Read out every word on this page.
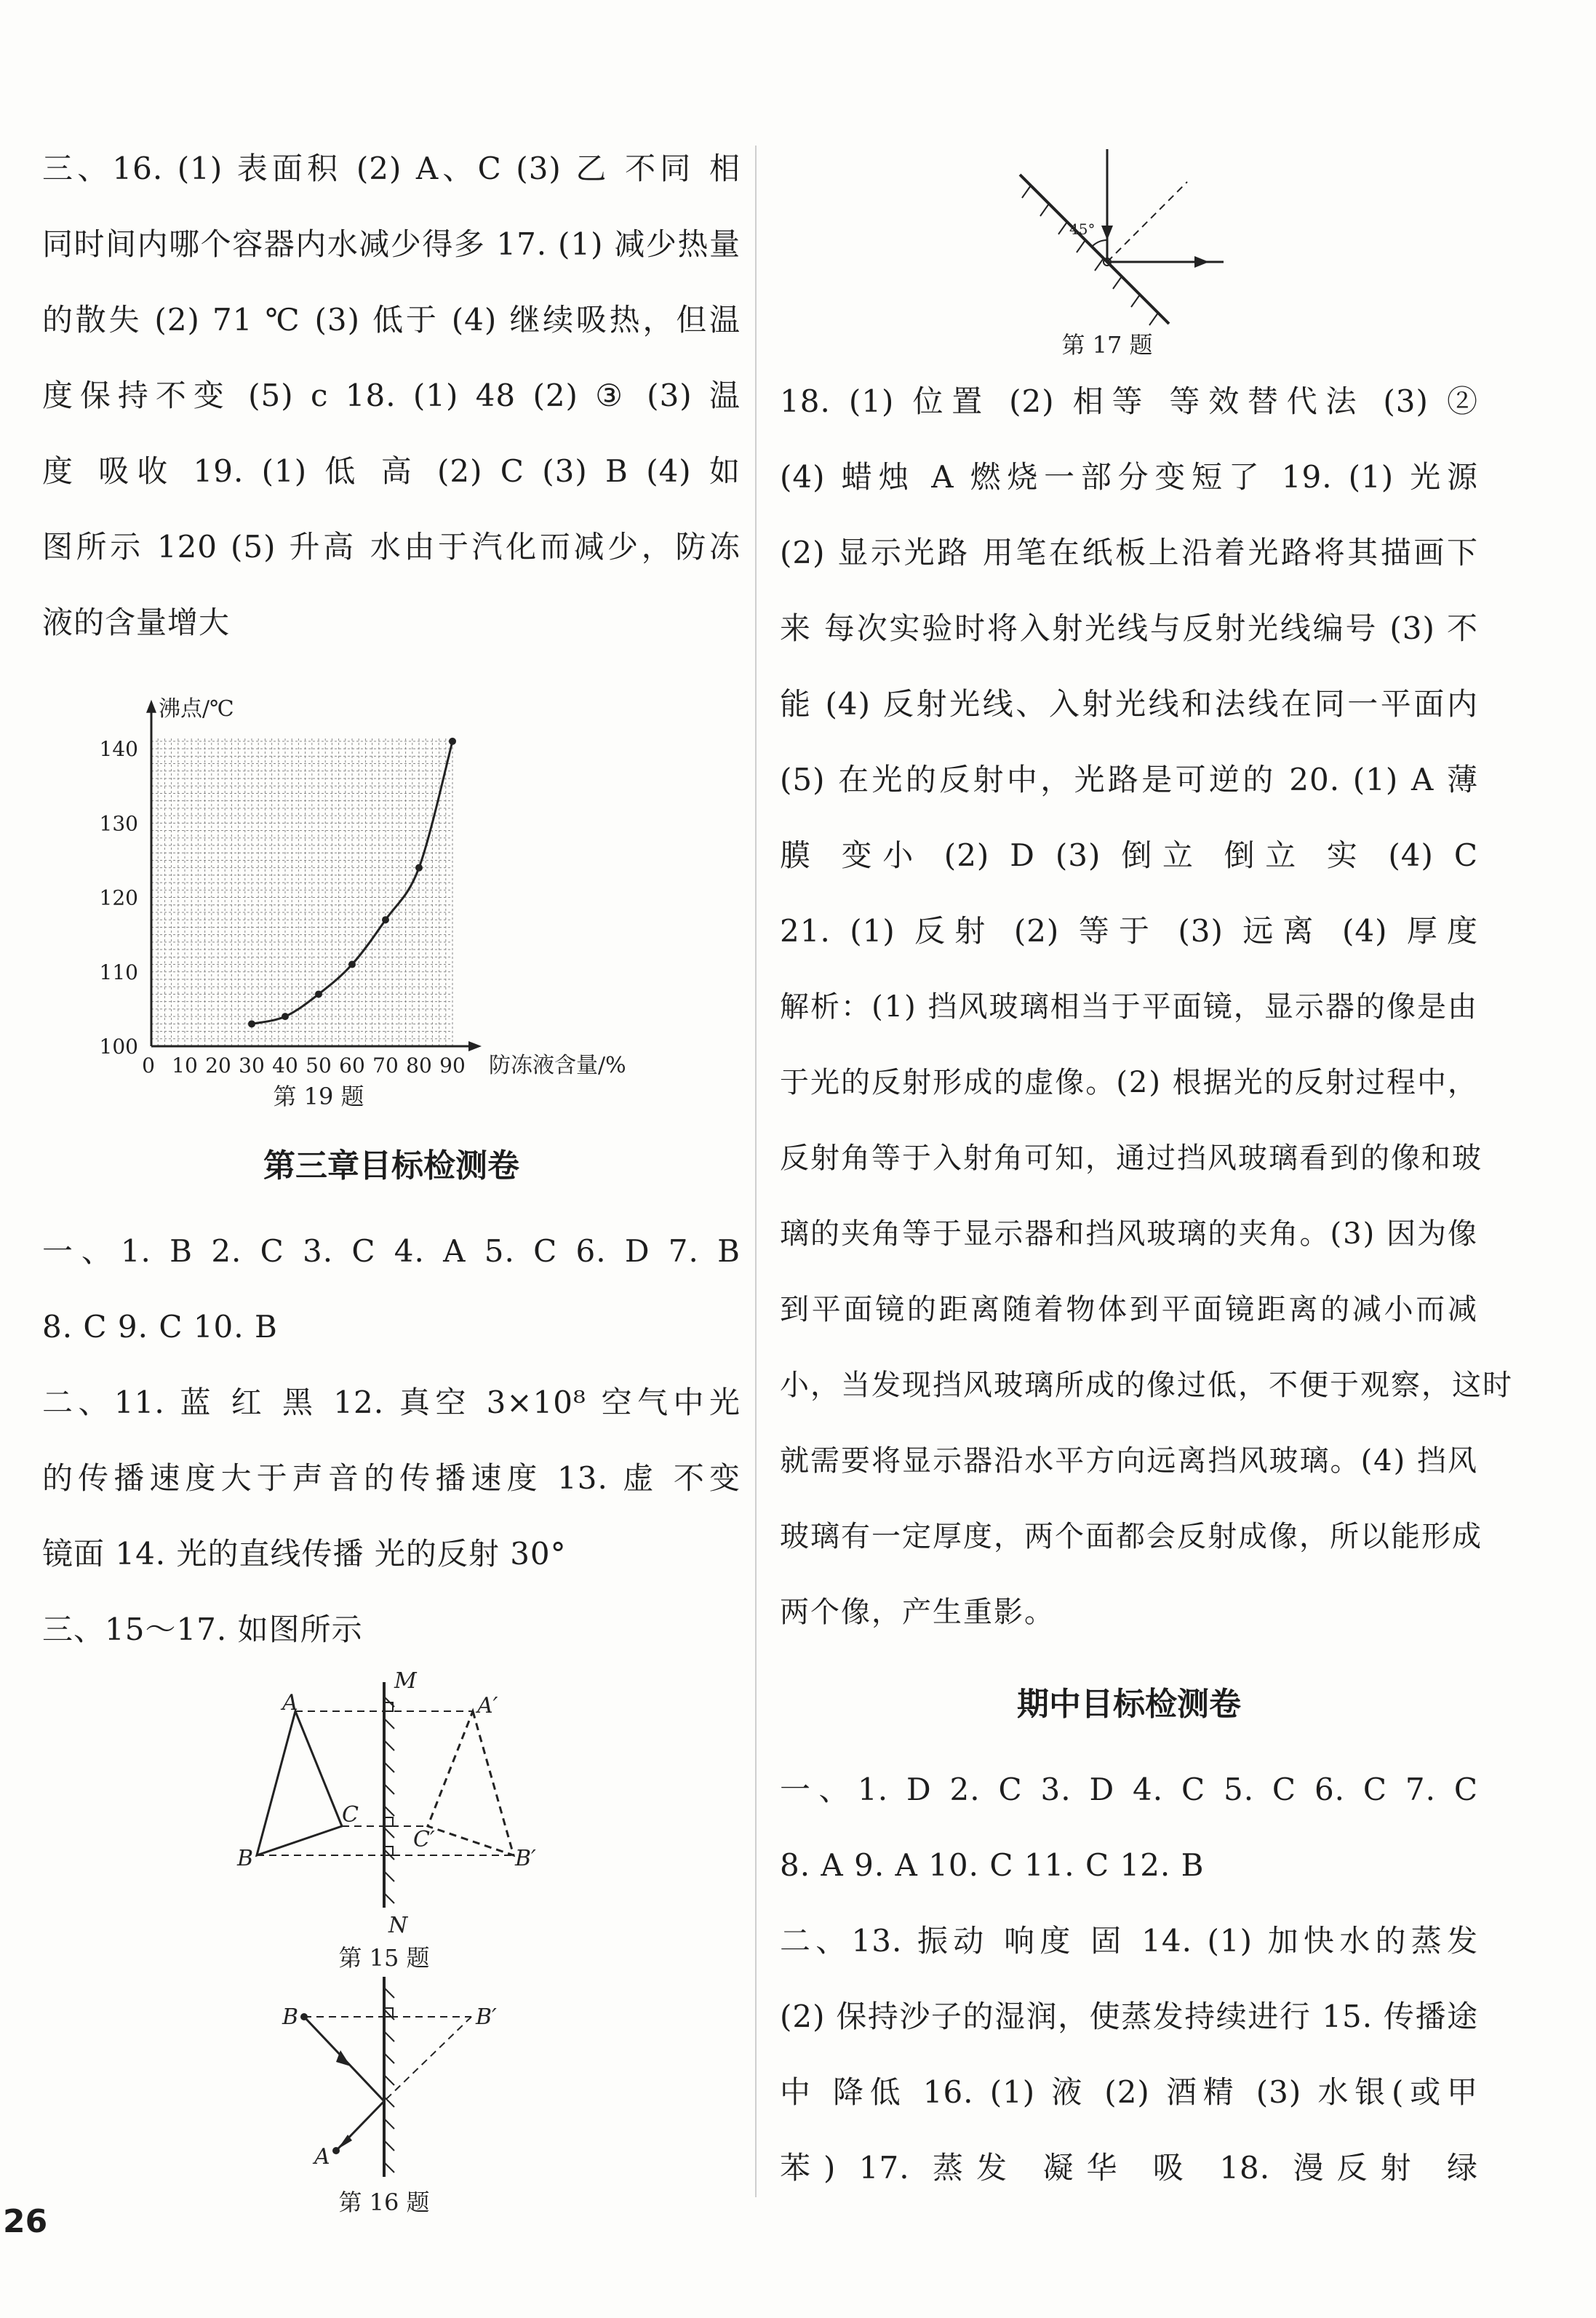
三、16. (1) 表面积 (2) A、C (3) 乙 不同 相
同时间内哪个容器内水减少得多 17. (1) 减少热量
的散失 (2) 71 ℃ (3) 低于 (4) 继续吸热，但温
度保持不变 (5) c 18. (1) 48 (2) ③ (3) 温
度 吸收 19. (1) 低 高 (2) C (3) B (4) 如
图所示 120 (5) 升高 水由于汽化而减少，防冻
液的含量增大
100
110
120
130
140
0 10 20 30 40 50 60 70 80 90
沸点/℃
防冻液含量/%
第 19 题
第三章目标检测卷
一、1. B 2. C 3. C 4. A 5. C 6. D 7. B
8. C 9. C 10. B
二、11. 蓝 红 黑 12. 真空 3×10⁸ 空气中光
的传播速度大于声音的传播速度 13. 虚 不变
镜面 14. 光的直线传播 光的反射 30°
三、15～17. 如图所示
M
N
A
B
C
A′
B′
C′
第 15 题
B	B′
A
第 16 题
45°
第 17 题
18. (1) 位置 (2) 相等 等效替代法 (3) ②
(4) 蜡烛 A 燃烧一部分变短了 19. (1) 光源
(2) 显示光路 用笔在纸板上沿着光路将其描画下
来 每次实验时将入射光线与反射光线编号 (3) 不
能 (4) 反射光线、入射光线和法线在同一平面内
(5) 在光的反射中，光路是可逆的 20. (1) A 薄
膜 变小 (2) D (3) 倒立 倒立 实 (4) C
21. (1) 反射 (2) 等于 (3) 远离 (4) 厚度
解析：(1) 挡风玻璃相当于平面镜，显示器的像是由
于光的反射形成的虚像。(2) 根据光的反射过程中，
反射角等于入射角可知，通过挡风玻璃看到的像和玻
璃的夹角等于显示器和挡风玻璃的夹角。(3) 因为像
到平面镜的距离随着物体到平面镜距离的减小而减
小，当发现挡风玻璃所成的像过低，不便于观察，这时
就需要将显示器沿水平方向远离挡风玻璃。(4) 挡风
玻璃有一定厚度，两个面都会反射成像，所以能形成
两个像，产生重影。
期中目标检测卷
一、1. D 2. C 3. D 4. C 5. C 6. C 7. C
8. A 9. A 10. C 11. C 12. B
二、13. 振动 响度 固 14. (1) 加快水的蒸发
(2) 保持沙子的湿润，使蒸发持续进行 15. 传播途
中 降低 16. (1) 液 (2) 酒精 (3) 水银(或甲
苯) 17. 蒸发 凝华 吸 18. 漫反射 绿
26
